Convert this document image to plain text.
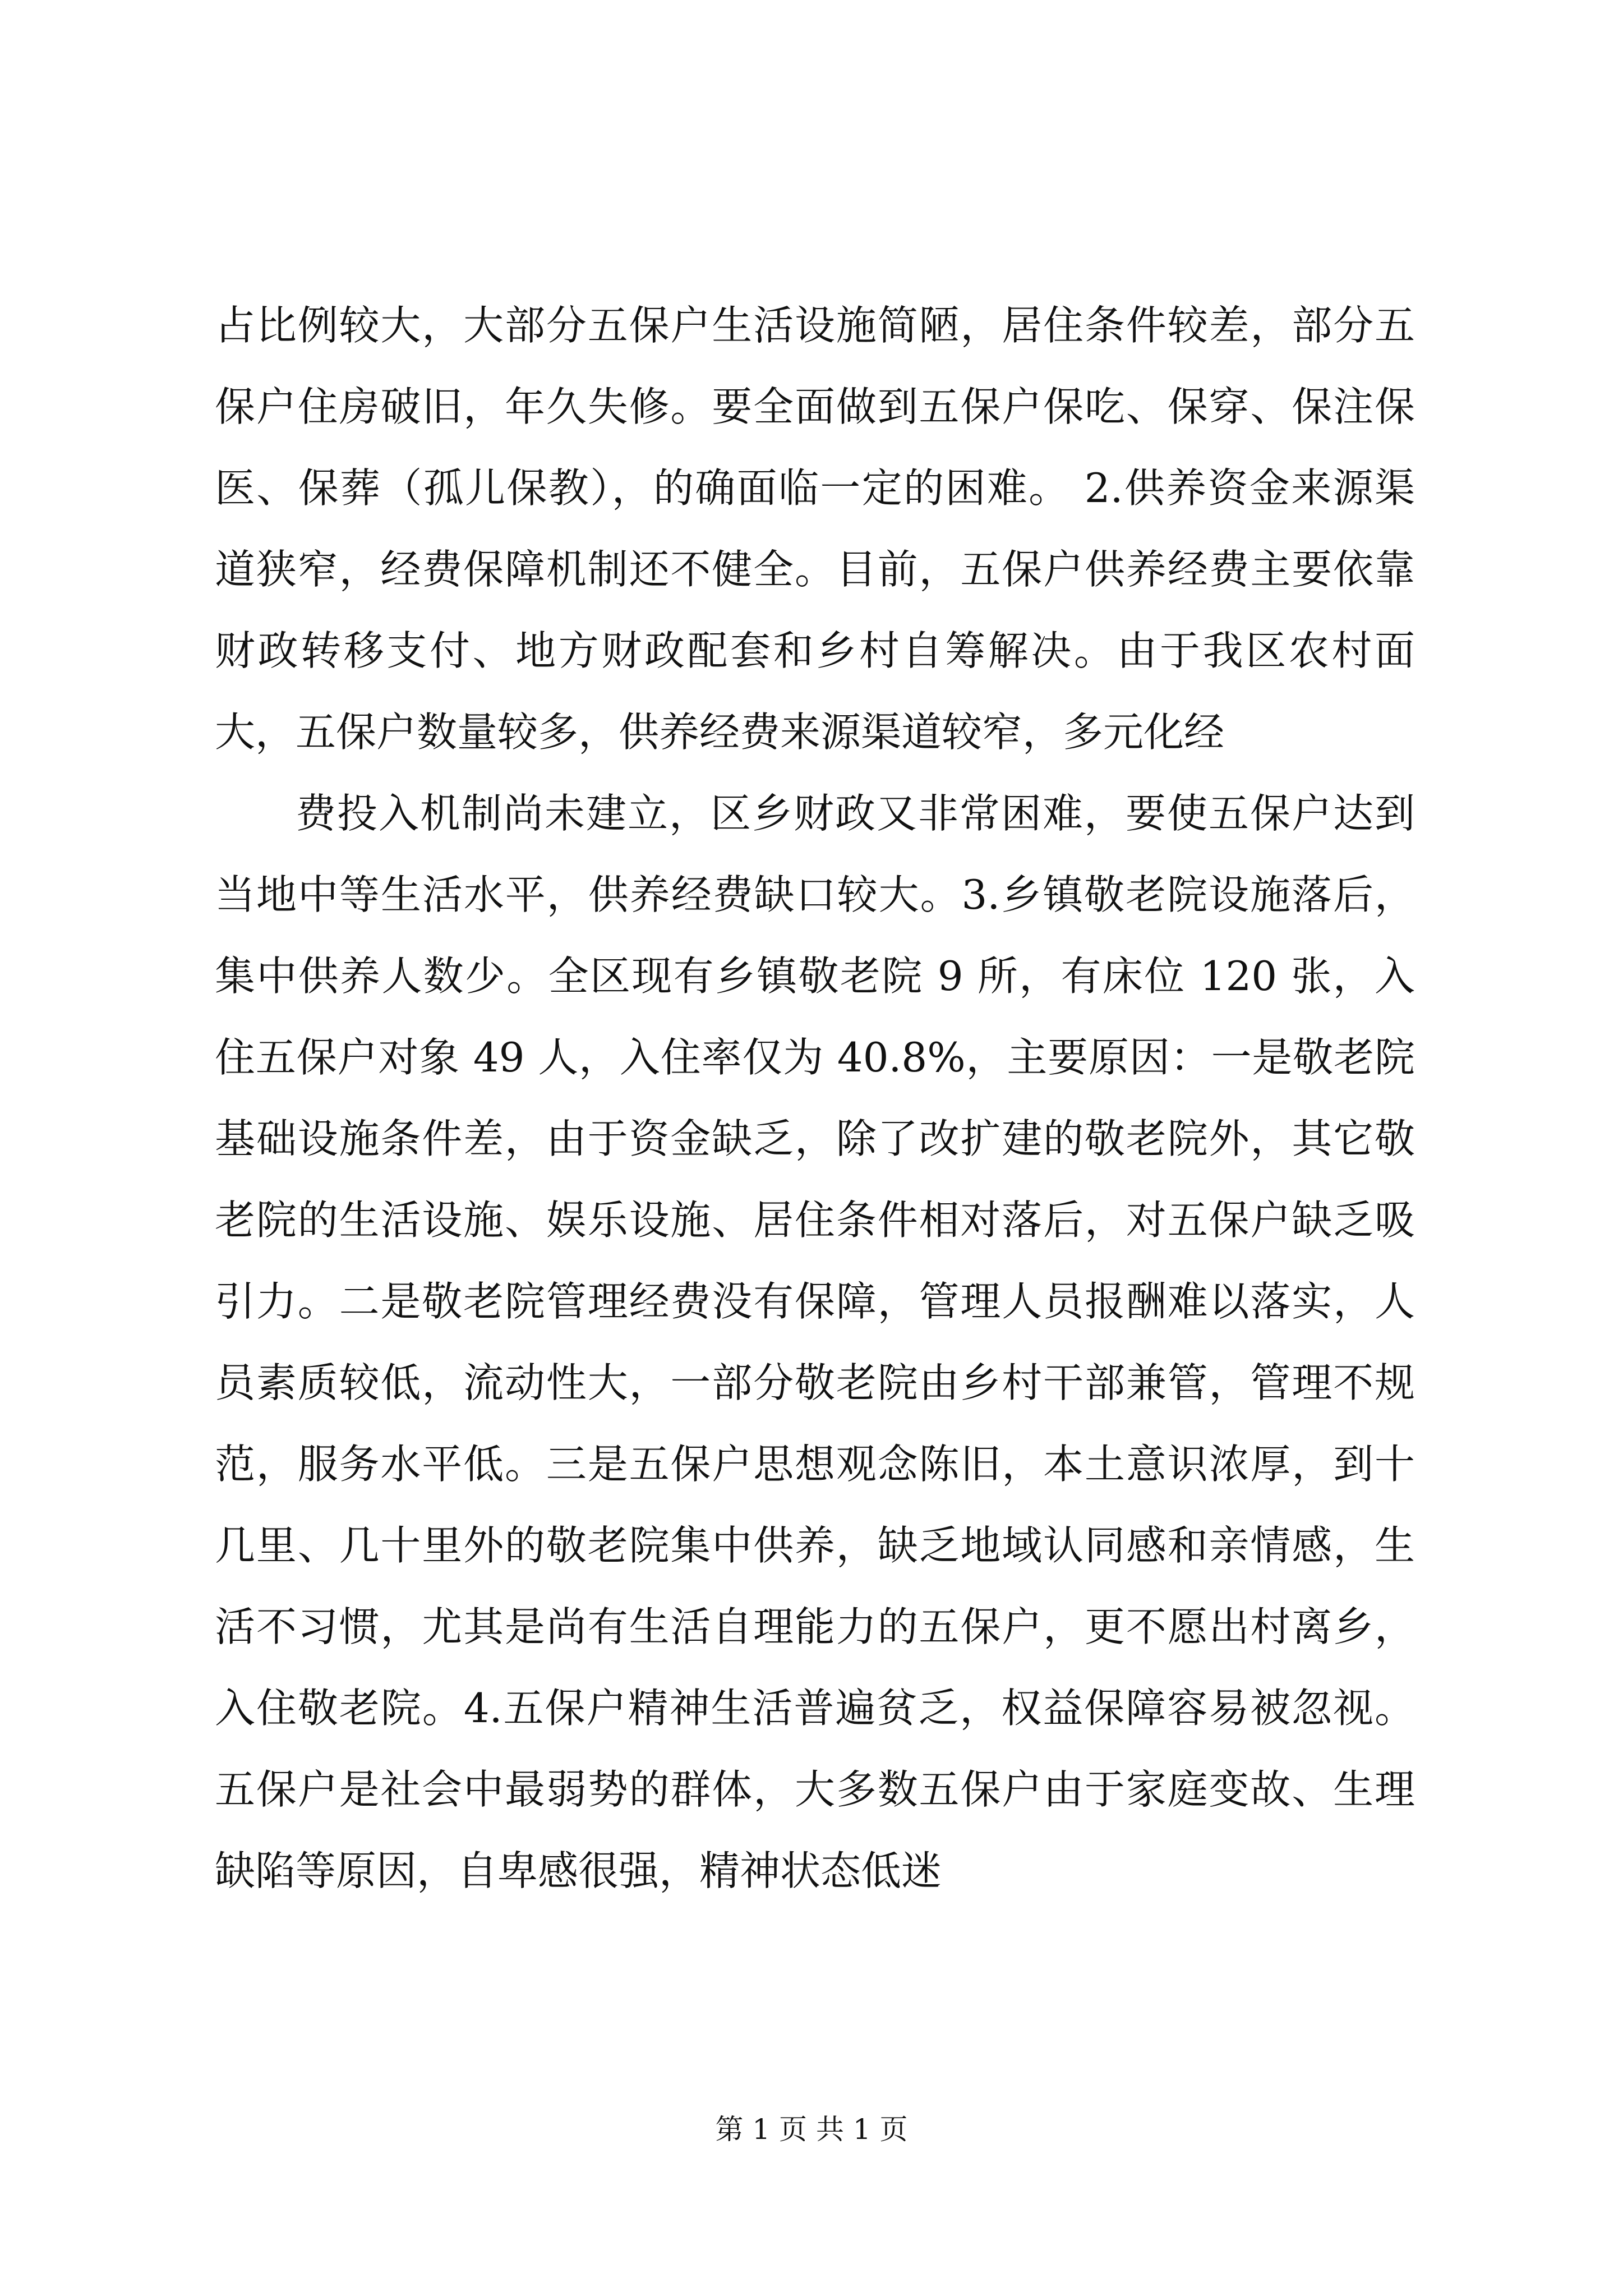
占比例较大，大部分五保户生活设施简陋，居住条件较差，部分五保户住房破旧，年久失修。要全面做到五保户保吃、保穿、保注保医、保葬（孤儿保教），的确面临一定的困难。 2.供养资金来源渠道狭窄，经费保障机制还不健全。目前，五保户供养经费主要依靠财政转移支付、地方财政配套和乡村自筹解决。由于我区农村面大，五保户数量较多，供养经费来源渠道较窄，多元化经

费投入机制尚未建立，区乡财政又非常困难，要使五保户达到当地中等生活水平，供养经费缺口较大。3.乡镇敬老院设施落后，集中供养人数少。全区现有乡镇敬老院 9 所，有床位 120 张，入住五保户对象 49 人，入住率仅为 40.8%，主要原因：一是敬老院基础设施条件差，由于资金缺乏，除了改扩建的敬老院外，其它敬老院的生活设施、娱乐设施、居住条件相对落后，对五保户缺乏吸引力。二是敬老院管理经费没有保障，管理人员报酬难以落实，人员素质较低，流动性大，一部分敬老院由乡村干部兼管，管理不规范，服务水平低。三是五保户思想观念陈旧，本土意识浓厚，到十几里、几十里外的敬老院集中供养，缺乏地域认同感和亲情感，生活不习惯，尤其是尚有生活自理能力的五保户，更不愿出村离乡，入住敬老院。4.五保户精神生活普遍贫乏，权益保障容易被忽视。五保户是社会中最弱势的群体，大多数五保户由于家庭变故、生理缺陷等原因，自卑感很强，精神状态低迷

第 1 页 共 1 页
